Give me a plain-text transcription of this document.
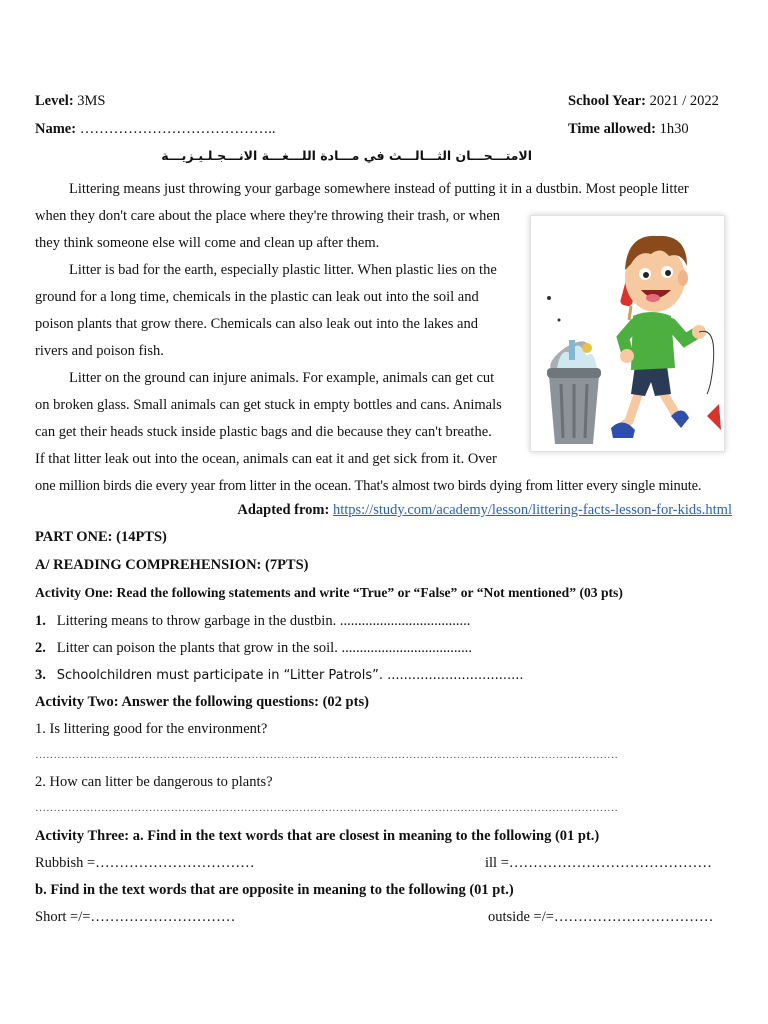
Level: 3MS	School Year: 2021 / 2022
Name: …………………………………..	Time allowed: 1h30
الامتـــحـــان الثـــالـــث في مـــادة اللـــغـــة الانـــجـلـيـزيـــة
Littering means just throwing your garbage somewhere instead of putting it in a dustbin. Most people litter
when they don't care about the place where they're throwing their trash, or when
they think someone else will come and clean up after them.
Litter is bad for the earth, especially plastic litter. When plastic lies on the
ground for a long time, chemicals in the plastic can leak out into the soil and
poison plants that grow there. Chemicals can also leak out into the lakes and
rivers and poison fish.
Litter on the ground can injure animals. For example, animals can get cut
on broken glass. Small animals can get stuck in empty bottles and cans. Animals
can get their heads stuck inside plastic bags and die because they can't breathe.
If that litter leak out into the ocean, animals can eat it and get sick from it. Over
one million birds die every year from litter in the ocean. That's almost two birds dying from litter every single minute.
Adapted from: https://study.com/academy/lesson/littering-facts-lesson-for-kids.html
PART ONE: (14PTS)
A/ READING COMPREHENSION: (7PTS)
Activity One: Read the following statements and write “True” or “False” or “Not mentioned” (03 pts)
1. Littering means to throw garbage in the dustbin. ....................................
2. Litter can poison the plants that grow in the soil. ....................................
3. Schoolchildren must participate in “Litter Patrols”. .................................
Activity Two: Answer the following questions: (02 pts)
1. Is littering good for the environment?
……………………………………………………………………………………………………………………………………………
2. How can litter be dangerous to plants?
……………………………………………………………………………………………………………………………………………
Activity Three: a. Find in the text words that are closest in meaning to the following (01 pt.)
Rubbish =……………………………	ill =……………………………………
b. Find in the text words that are opposite in meaning to the following (01 pt.)
Short =/=…………………………	outside =/=……………………………
